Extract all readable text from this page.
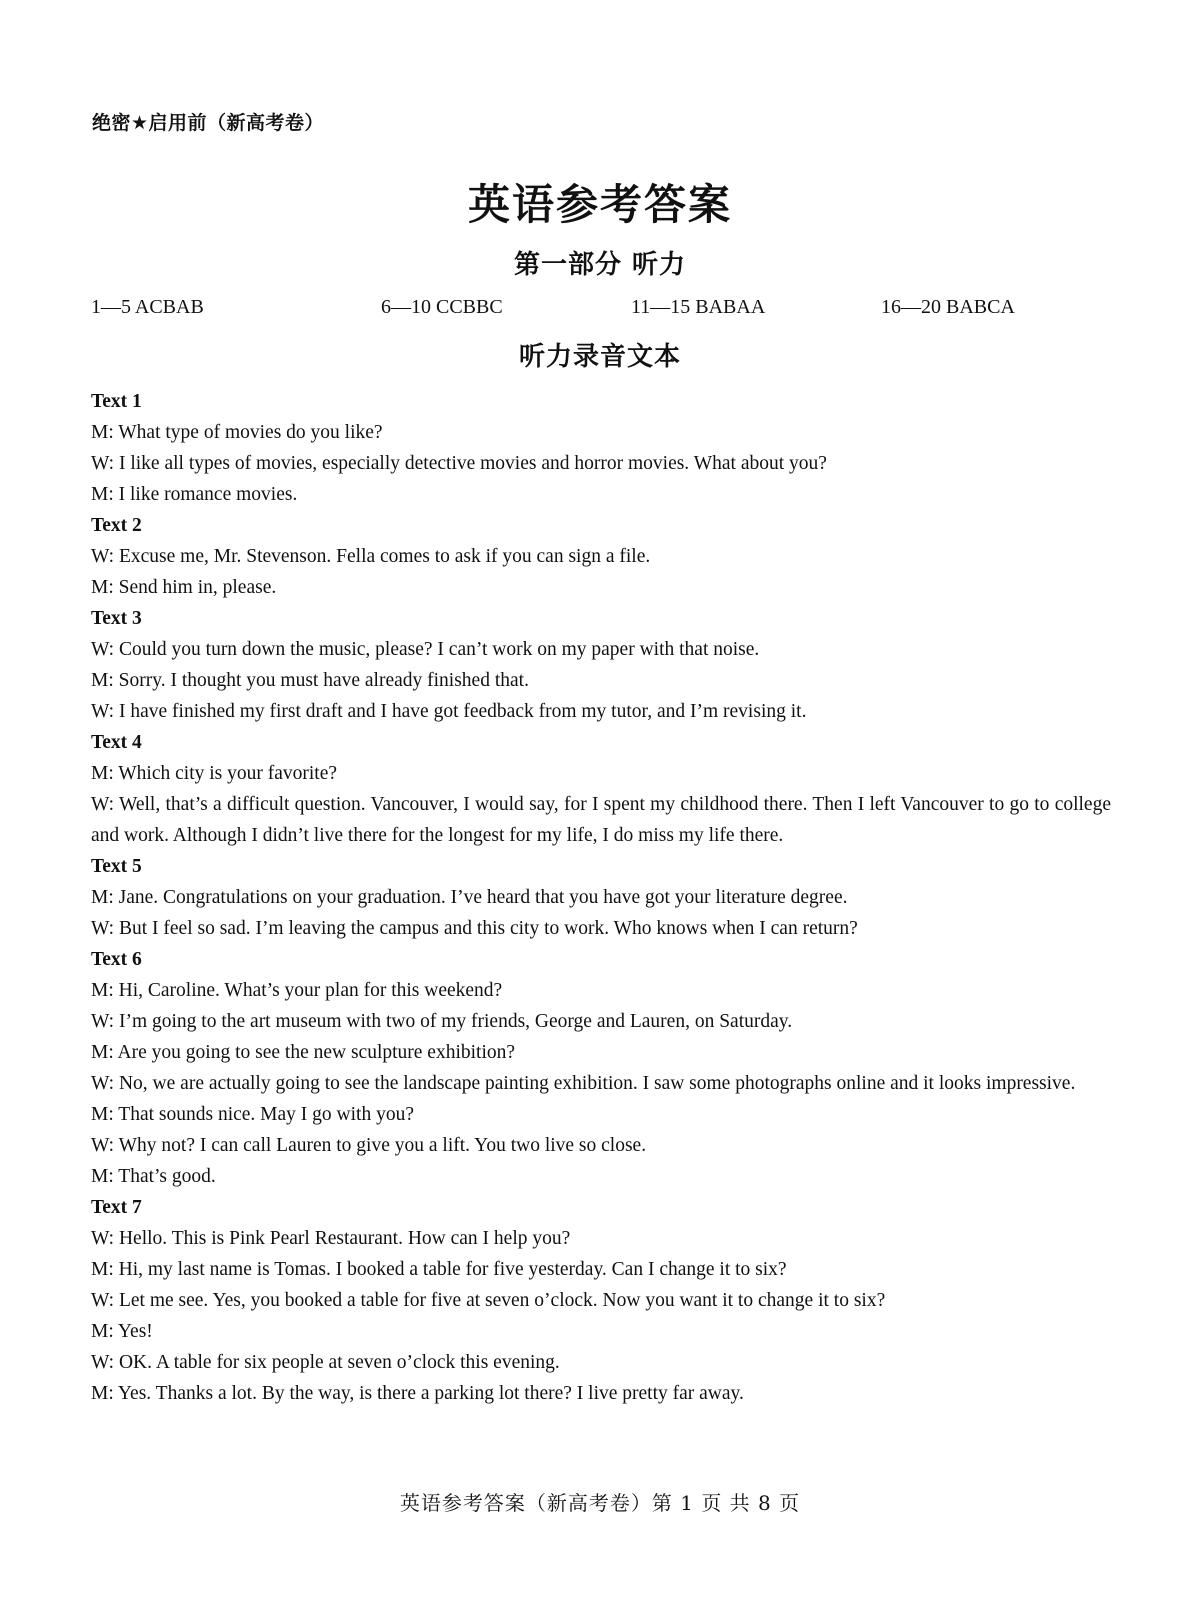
绝密★启用前（新高考卷）
英语参考答案
第一部分 听力
1—5 ACBAB	6—10 CCBBC	11—15 BABAA	16—20 BABCA
听力录音文本
Text 1
M: What type of movies do you like?
W: I like all types of movies, especially detective movies and horror movies. What about you?
M: I like romance movies.
Text 2
W: Excuse me, Mr. Stevenson. Fella comes to ask if you can sign a file.
M: Send him in, please.
Text 3
W: Could you turn down the music, please? I can’t work on my paper with that noise.
M: Sorry. I thought you must have already finished that.
W: I have finished my first draft and I have got feedback from my tutor, and I’m revising it.
Text 4
M: Which city is your favorite?
W: Well, that’s a difficult question. Vancouver, I would say, for I spent my childhood there. Then I left Vancouver to go to college and work. Although I didn’t live there for the longest for my life, I do miss my life there.
Text 5
M: Jane. Congratulations on your graduation. I’ve heard that you have got your literature degree.
W: But I feel so sad. I’m leaving the campus and this city to work. Who knows when I can return?
Text 6
M: Hi, Caroline. What’s your plan for this weekend?
W: I’m going to the art museum with two of my friends, George and Lauren, on Saturday.
M: Are you going to see the new sculpture exhibition?
W: No, we are actually going to see the landscape painting exhibition. I saw some photographs online and it looks impressive.
M: That sounds nice. May I go with you?
W: Why not? I can call Lauren to give you a lift. You two live so close.
M: That’s good.
Text 7
W: Hello. This is Pink Pearl Restaurant. How can I help you?
M: Hi, my last name is Tomas. I booked a table for five yesterday. Can I change it to six?
W: Let me see. Yes, you booked a table for five at seven o’clock. Now you want it to change it to six?
M: Yes!
W: OK. A table for six people at seven o’clock this evening.
M: Yes. Thanks a lot. By the way, is there a parking lot there? I live pretty far away.
英语参考答案（新高考卷）第 1 页 共 8 页
